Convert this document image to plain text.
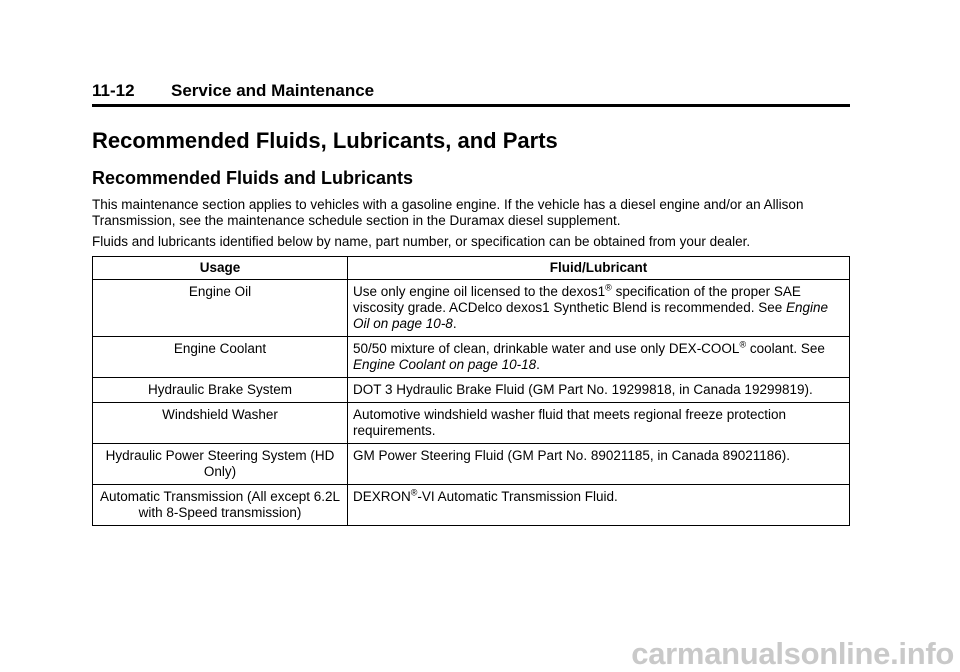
11-12 Service and Maintenance
Recommended Fluids, Lubricants, and Parts
Recommended Fluids and Lubricants

This maintenance section applies to vehicles with a gasoline engine. If the vehicle has a diesel engine and/or an Allison Transmission, see the maintenance schedule section in the Duramax diesel supplement.

Fluids and lubricants identified below by name, part number, or specification can be obtained from your dealer.

Usage	Fluid/Lubricant
Engine Oil	Use only engine oil licensed to the dexos1® specification of the proper SAE viscosity grade. ACDelco dexos1 Synthetic Blend is recommended. See Engine Oil on page 10-8.
Engine Coolant	50/50 mixture of clean, drinkable water and use only DEX-COOL® coolant. See Engine Coolant on page 10-18.
Hydraulic Brake System	DOT 3 Hydraulic Brake Fluid (GM Part No. 19299818, in Canada 19299819).
Windshield Washer	Automotive windshield washer fluid that meets regional freeze protection requirements.
Hydraulic Power Steering System (HD Only)	GM Power Steering Fluid (GM Part No. 89021185, in Canada 89021186).
Automatic Transmission (All except 6.2L with 8-Speed transmission)	DEXRON®-VI Automatic Transmission Fluid.
carmanualsonline.info
